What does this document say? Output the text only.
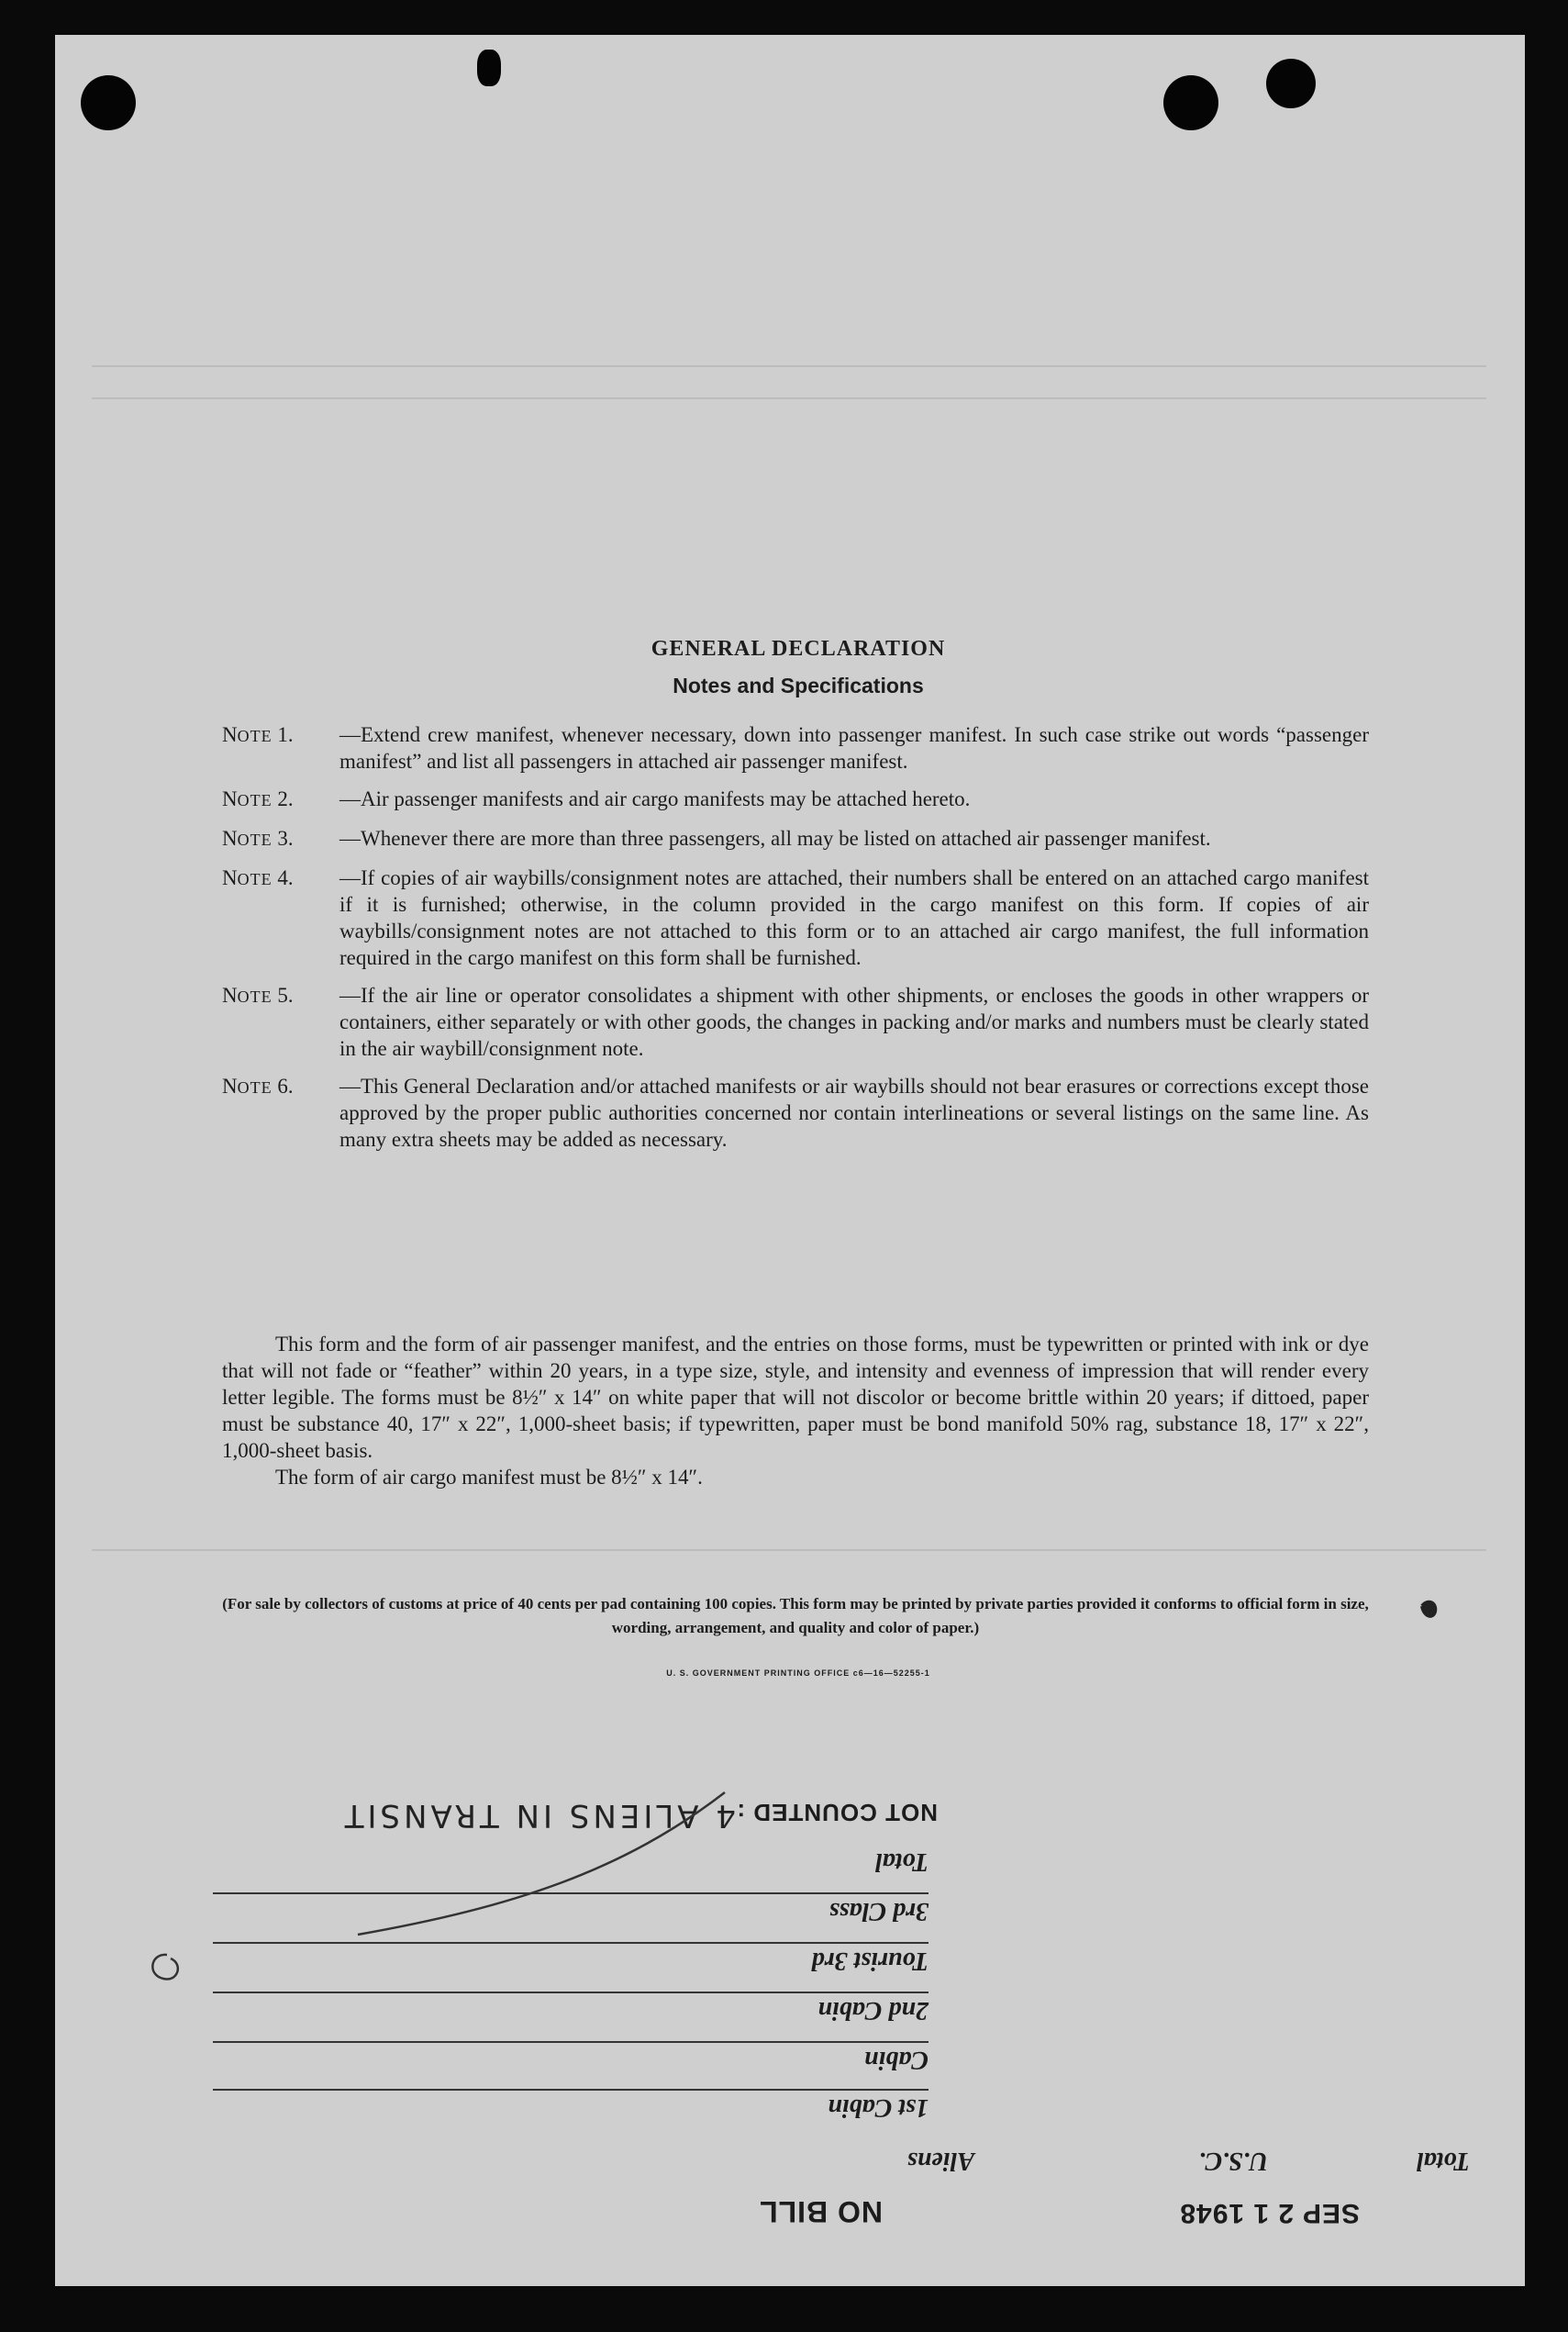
GENERAL DECLARATION
Notes and Specifications
NOTE 1.	—Extend crew manifest, whenever necessary, down into passenger manifest. In such case strike out words “passenger manifest” and list all passengers in attached air passenger manifest.
NOTE 2.	—Air passenger manifests and air cargo manifests may be attached hereto.
NOTE 3.	—Whenever there are more than three passengers, all may be listed on attached air passenger manifest.
NOTE 4.	—If copies of air waybills/consignment notes are attached, their numbers shall be entered on an attached cargo manifest if it is furnished; otherwise, in the column provided in the cargo manifest on this form. If copies of air waybills/consignment notes are not attached to this form or to an attached air cargo manifest, the full information required in the cargo manifest on this form shall be furnished.
NOTE 5.	—If the air line or operator consolidates a shipment with other shipments, or encloses the goods in other wrappers or containers, either separately or with other goods, the changes in packing and/or marks and numbers must be clearly stated in the air waybill/consignment note.
NOTE 6.	—This General Declaration and/or attached manifests or air waybills should not bear erasures or corrections except those approved by the proper public authorities concerned nor contain interlineations or several listings on the same line. As many extra sheets may be added as necessary.

This form and the form of air passenger manifest, and the entries on those forms, must be typewritten or printed with ink or dye that will not fade or “feather” within 20 years, in a type size, style, and intensity and evenness of impression that will render every letter legible. The forms must be 8½″ x 14″ on white paper that will not discolor or become brittle within 20 years; if dittoed, paper must be substance 40, 17″ x 22″, 1,000-sheet basis; if typewritten, paper must be bond manifold 50% rag, substance 18, 17″ x 22″, 1,000-sheet basis.

The form of air cargo manifest must be 8½″ x 14″.

(For sale by collectors of customs at price of 40 cents per pad containing 100 copies. This form may be printed by private parties provided it conforms to official form in size, wording, arrangement, and quality and color of paper.)
U. S. GOVERNMENT PRINTING OFFICE c6—16—52255-1
SEP 2 1 1948
NO BILL
Total
U.S.C.
Aliens
1st Cabin
Cabin
2nd Cabin
Tourist 3rd
3rd Class
Total
NOT COUNTED :
4 ALIENS IN TRANSIT
